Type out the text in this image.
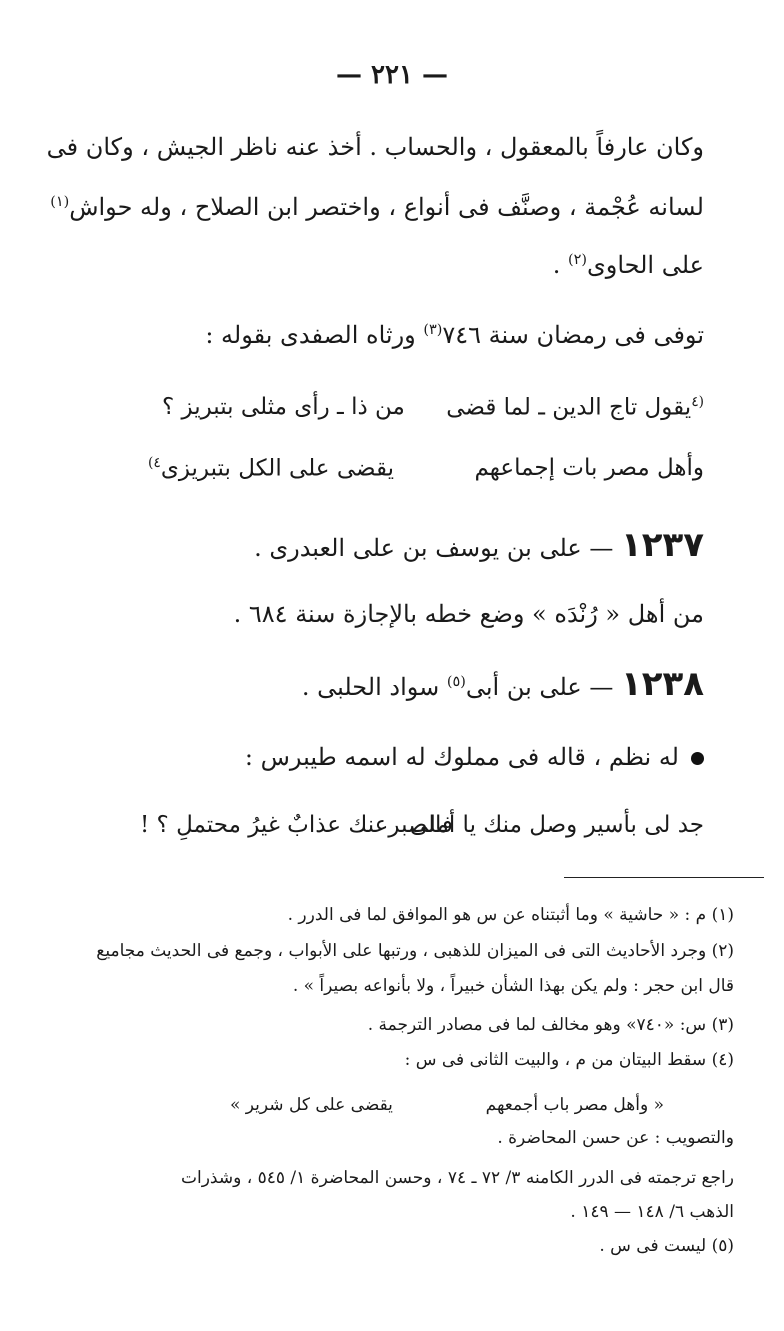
— ٢٢١ —
وكان عارفاً بالمعقول ، والحساب . أخذ عنه ناظر الجيش ، وكان فى
لسانه عُجْمة ، وصنَّف فى أنواع ، واختصر ابن الصلاح ، وله حواش$^{(١)}$
على الحاوى$^{(٢)}$ .
توفى فى رمضان سنة ٧٤٦$^{(٣)}$ ورثاه الصفدى بقوله :
$^{(٤}$يقول تاج الدين ـ لما قضى
من ذا ـ رأى مثلى بتبريز ؟
وأهل مصر بات إجماعهم
يقضى على الكل بتبريزى$^{٤)}$
١٢٣٧ — على بن يوسف بن على العبدرى .
من أهل « رُنْدَه » وضع خطه بالإجازة سنة ٦٨٤ .
١٢٣٨ — على بن أبى$^{(٥)}$ سواد الحلبى .
له نظم ، قاله فى مملوك له اسمه طيبرس :
جد لى بأسير وصل منك يا أملى
فالصبرعنك عذابٌ غيرُ محتملِ ؟ !
(١) م : « حاشية » وما أثبتناه عن س هو الموافق لما فى الدرر .
(٢) وجرد الأحاديث التى فى الميزان للذهبى ، ورتبها على الأبواب ، وجمع فى الحديث مجاميع
قال ابن حجر : ولم يكن بهذا الشأن خبيراً ، ولا بأنواعه بصيراً » .
(٣) س: «٧٤٠» وهو مخالف لما فى مصادر الترجمة .
(٤) سقط البيتان من م ، والبيت الثانى فى س :
« وأهل مصر باب أجمعهم
يقضى على كل شرير »
والتصويب : عن حسن المحاضرة .
راجع ترجمته فى الدرر الكامنه ٣/ ٧٢ ـ ٧٤ ، وحسن المحاضرة ١/ ٥٤٥ ، وشذرات
الذهب ٦/ ١٤٨ — ١٤٩ .
(٥) ليست فى س .
